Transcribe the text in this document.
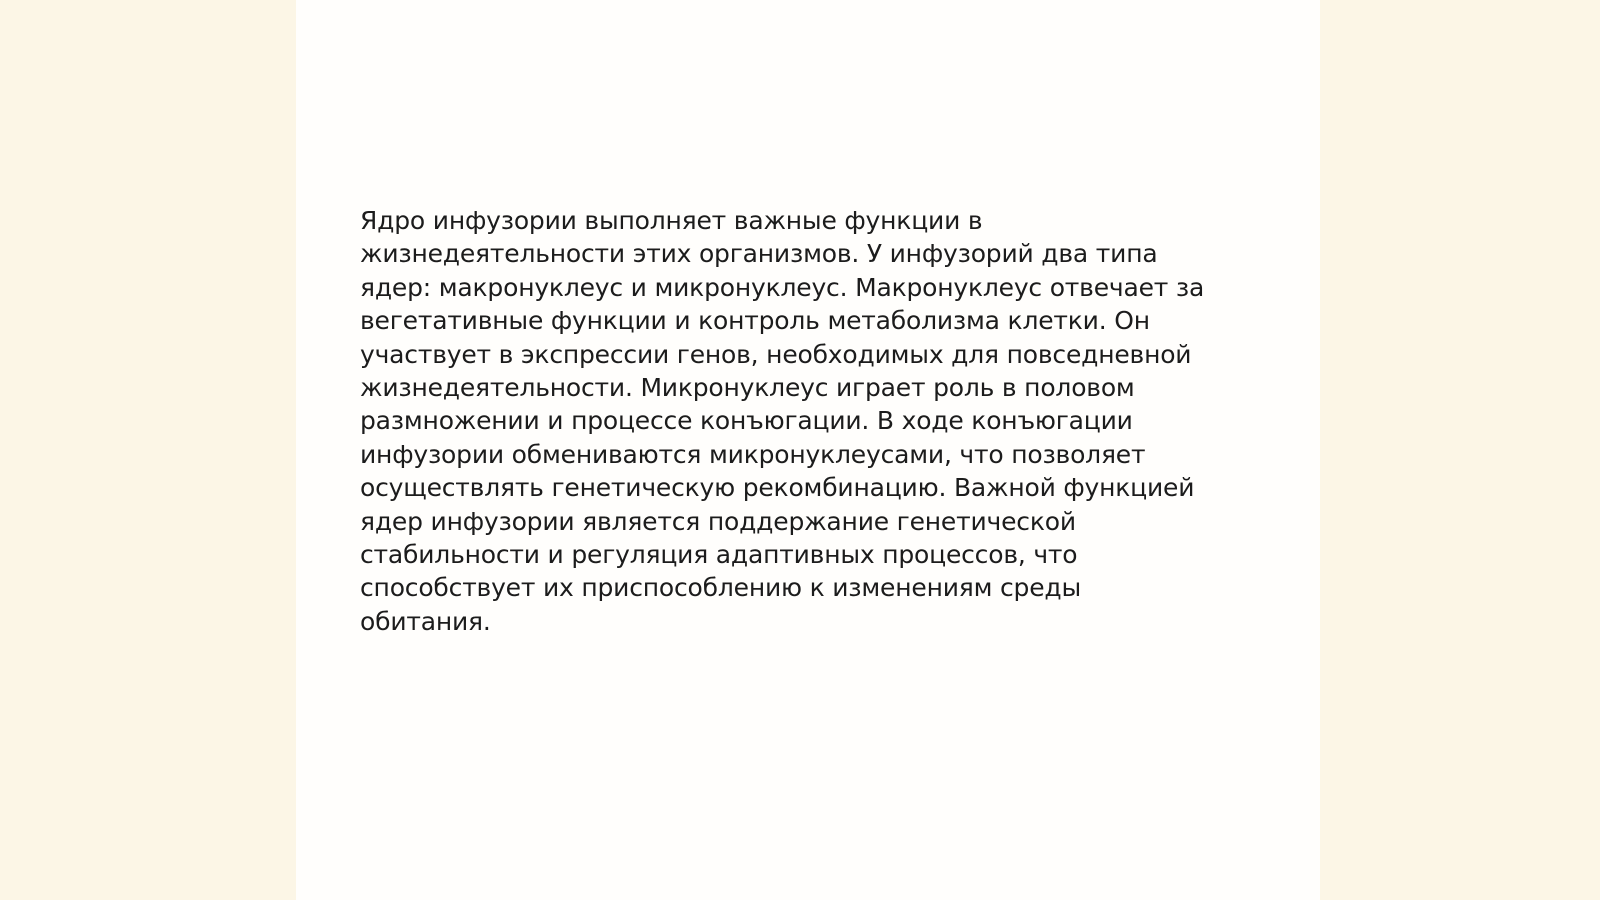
Ядро инфузории выполняет важные функции в
жизнедеятельности этих организмов. У инфузорий два типа
ядер: макронуклеус и микронуклеус. Макронуклеус отвечает за
вегетативные функции и контроль метаболизма клетки. Он
участвует в экспрессии генов, необходимых для повседневной
жизнедеятельности. Микронуклеус играет роль в половом
размножении и процессе конъюгации. В ходе конъюгации
инфузории обмениваются микронуклеусами, что позволяет
осуществлять генетическую рекомбинацию. Важной функцией
ядер инфузории является поддержание генетической
стабильности и регуляция адаптивных процессов, что
способствует их приспособлению к изменениям среды
обитания.
